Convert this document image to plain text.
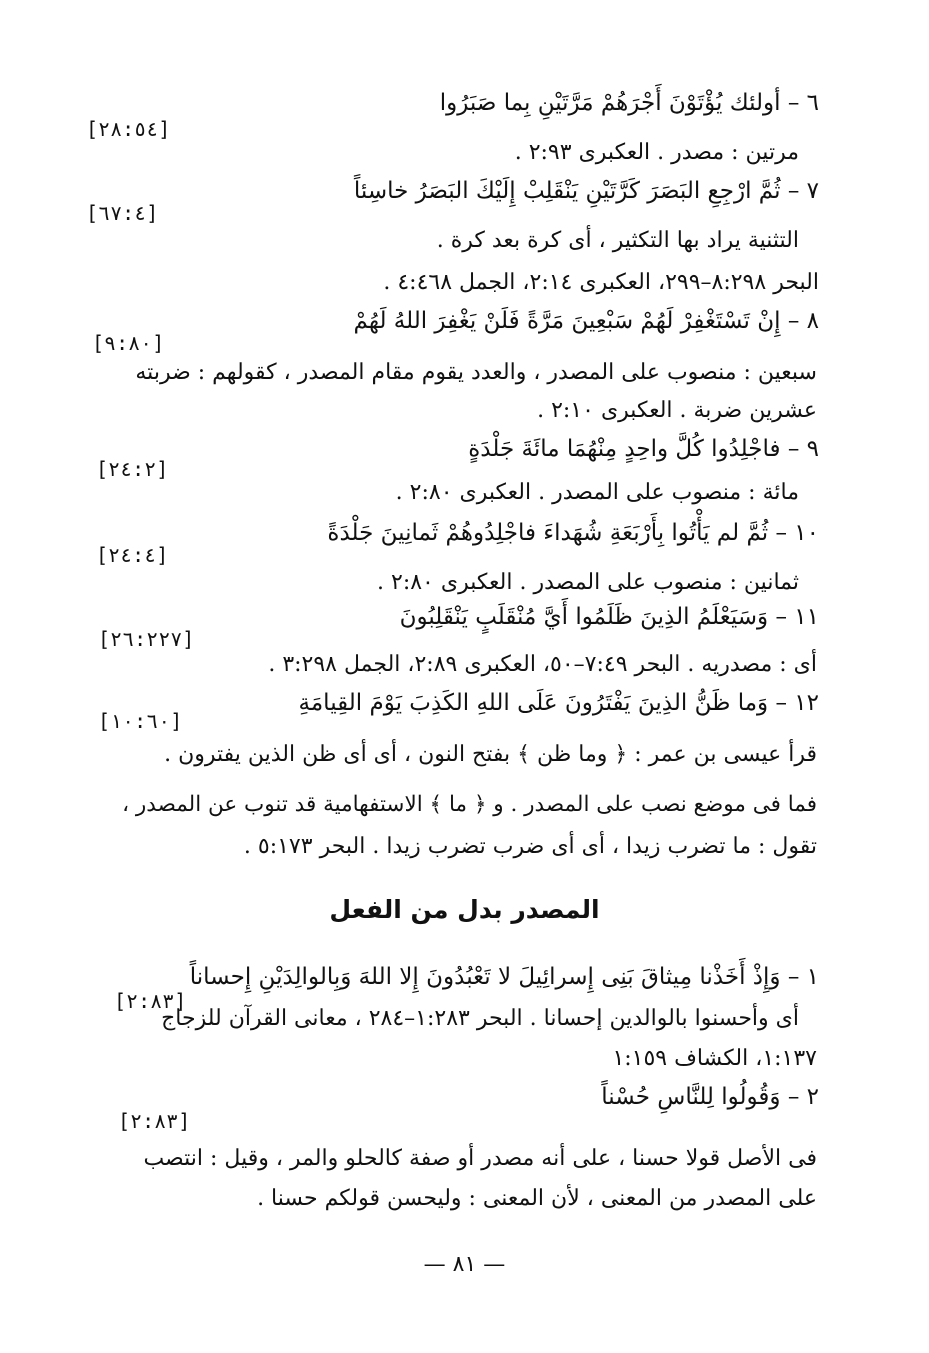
٦ – أولئك يُؤْتَوْنَ أَجْرَهُمْ مَرَّتَيْنِ بِما صَبَرُوا
مرتين : مصدر . العكبرى ٢:٩٣ .
[٢٨:٥٤]
٧ – ثُمَّ ارْجِعِ البَصَرَ كَرَّتَيْنِ يَنْقَلِبْ إِلَيْكَ البَصَرُ خاسِئاً
التثنية يراد بها التكثير ، أى كرة بعد كرة .
البحر ٨:٢٩٨–٢٩٩، العكبرى ٢:١٤، الجمل ٤:٤٦٨ .
[٦٧:٤]
٨ – إِنْ تَسْتَغْفِرْ لَهُمْ سَبْعِينَ مَرَّةً فَلَنْ يَغْفِرَ اللهُ لَهُمْ
سبعين : منصوب على المصدر ، والعدد يقوم مقام المصدر ، كقولهم : ضربته
عشرين ضربة . العكبرى ٢:١٠ .
[٩:٨٠]
٩ – فاجْلِدُوا كُلَّ واحِدٍ مِنْهُمَا مائَةَ جَلْدَةٍ
مائة : منصوب على المصدر . العكبرى ٢:٨٠ .
[٢٤:٢]
١٠ – ثُمَّ لم يَأْتُوا بِأَرْبَعَةِ شُهَداءَ فاجْلِدُوهُمْ ثَمانِينَ جَلْدَةً
ثمانين : منصوب على المصدر . العكبرى ٢:٨٠ .
[٢٤:٤]
١١ – وَسَيَعْلَمُ الذِينَ ظَلَمُوا أَيَّ مُنْقَلَبٍ يَنْقَلِبُونَ
أى : مصدريه . البحر ٧:٤٩–٥٠، العكبرى ٢:٨٩، الجمل ٣:٢٩٨ .
[٢٦:٢٢٧]
١٢ – وَما ظَنُّ الذِينَ يَفْتَرُونَ عَلَى اللهِ الكَذِبَ يَوْمَ القِيامَةِ
قرأ عيسى بن عمر : ﴿ وما ظن ﴾ بفتح النون ، أى أى ظن الذين يفترون .
فما فى موضع نصب على المصدر . و ﴿ ما ﴾ الاستفهامية قد تنوب عن المصدر ،
تقول : ما تضرب زيدا ، أى أى ضرب تضرب زيدا . البحر ٥:١٧٣ .
[١٠:٦٠]
المصدر بدل من الفعل
١ – وَإِذْ أَخَذْنا مِيثاقَ بَنِى إِسرائِيلَ لا تَعْبُدُونَ إِلا اللهَ وَبِالوالِدَيْنِ إِحساناً
[٢:٨٣]
أى وأحسنوا بالوالدين إحسانا . البحر ١:٢٨٣–٢٨٤ ، معانى القرآن للزجاج
١:١٣٧، الكشاف ١:١٥٩
٢ – وَقُولُوا لِلنَّاسِ حُسْناً
[٢:٨٣]
فى الأصل قولا حسنا ، على أنه مصدر أو صفة كالحلو والمر ، وقيل : انتصب
على المصدر من المعنى ، لأن المعنى : وليحسن قولكم حسنا .
— ٨١ —
